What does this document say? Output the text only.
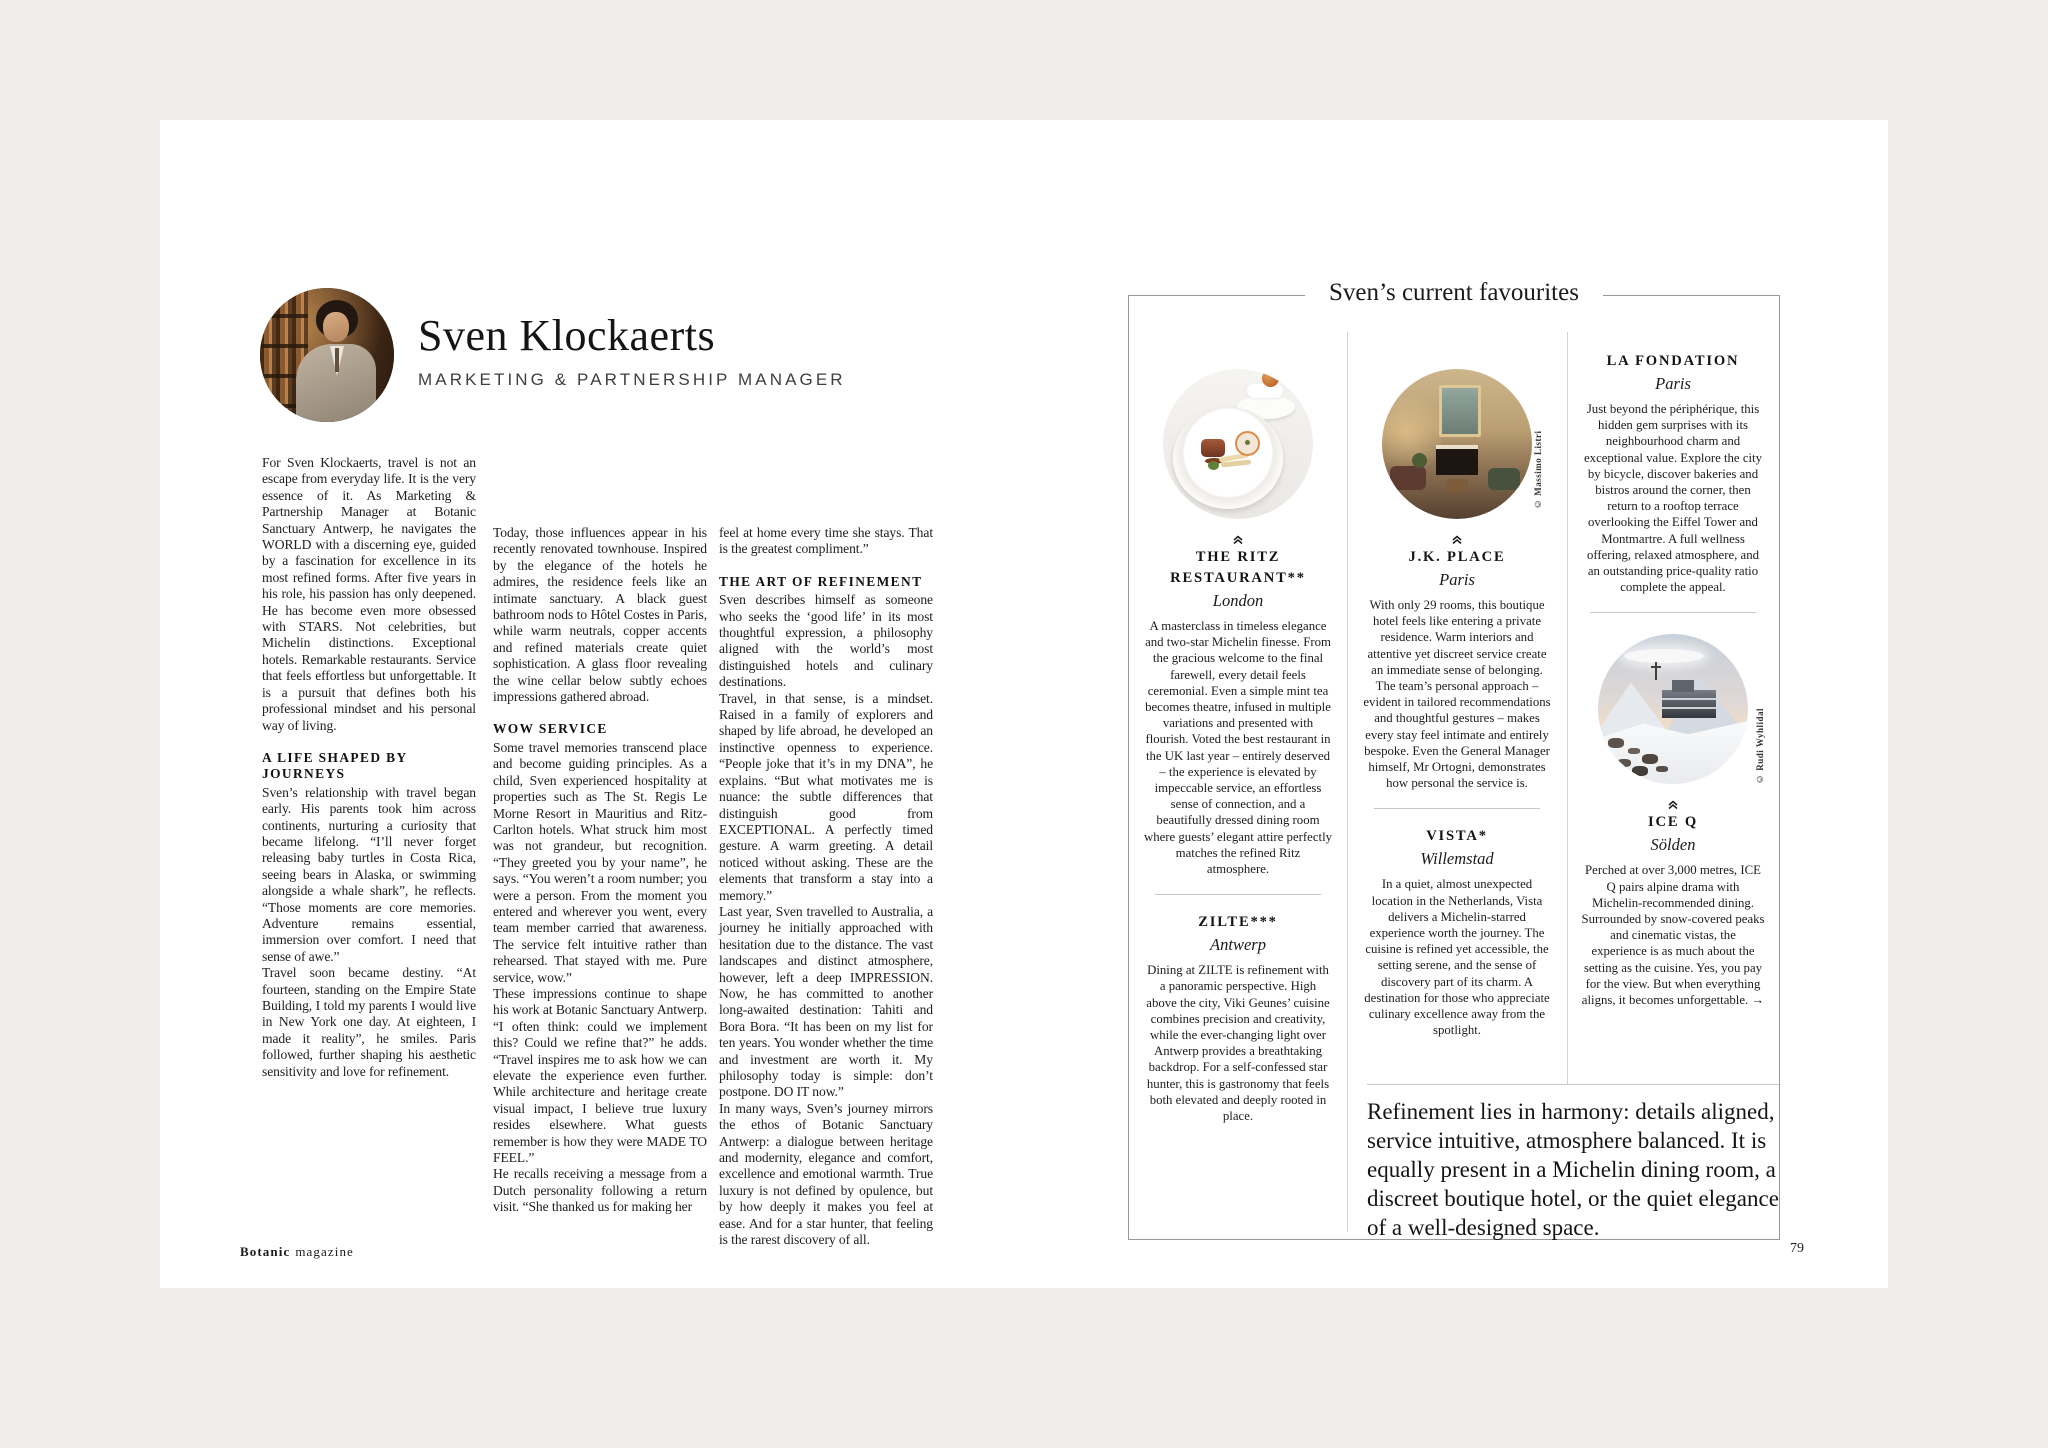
Sven Klockaerts
MARKETING & PARTNERSHIP MANAGER

For Sven Klockaerts, travel is not an escape from everyday life. It is the very essence of it. As Marketing & Partnership Manager at Botanic Sanctuary Antwerp, he navigates the WORLD with a discerning eye, guided by a fascination for excellence in its most refined forms. After five years in his role, his passion has only deepened. He has become even more obsessed with STARS. Not celebrities, but Michelin distinctions. Exceptional hotels. Remarkable restaurants. Service that feels effortless but unforgettable. It is a pursuit that defines both his professional mindset and his personal way of living.

A LIFE SHAPED BY JOURNEYS

Sven’s relationship with travel began early. His parents took him across continents, nurturing a curiosity that became lifelong. “I’ll never forget releasing baby turtles in Costa Rica, seeing bears in Alaska, or swimming alongside a whale shark”, he reflects. “Those moments are core memories. Adventure remains essential, immersion over comfort. I need that sense of awe.”

Travel soon became destiny. “At fourteen, standing on the Empire State Building, I told my parents I would live in New York one day. At eighteen, I made it reality”, he smiles. Paris followed, further shaping his aesthetic sensitivity and love for refinement.

Today, those influences appear in his recently renovated townhouse. Inspired by the elegance of the hotels he admires, the residence feels like an intimate sanctuary. A black guest bathroom nods to Hôtel Costes in Paris, while warm neutrals, copper accents and refined materials create quiet sophistication. A glass floor revealing the wine cellar below subtly echoes impressions gathered abroad.

WOW SERVICE

Some travel memories transcend place and become guiding principles. As a child, Sven experienced hospitality at properties such as The St. Regis Le Morne Resort in Mauritius and Ritz-Carlton hotels. What struck him most was not grandeur, but recognition. “They greeted you by your name”, he says. “You weren’t a room number; you were a person. From the moment you entered and wherever you went, every team member carried that awareness. The service felt intuitive rather than rehearsed. That stayed with me. Pure service, wow.”

These impressions continue to shape his work at Botanic Sanctuary Antwerp. “I often think: could we implement this? Could we refine that?” he adds. “Travel inspires me to ask how we can elevate the experience even further. While architecture and heritage create visual impact, I believe true luxury resides elsewhere. What guests remember is how they were MADE TO FEEL.”

He recalls receiving a message from a Dutch personality following a return visit. “She thanked us for making her

feel at home every time she stays. That is the greatest compliment.”

THE ART OF REFINEMENT

Sven describes himself as someone who seeks the ‘good life’ in its most thoughtful expression, a philosophy aligned with the world’s most distinguished hotels and culinary destinations.

Travel, in that sense, is a mindset. Raised in a family of explorers and shaped by life abroad, he developed an instinctive openness to experience. “People joke that it’s in my DNA”, he explains. “But what motivates me is nuance: the subtle differences that distinguish good from EXCEPTIONAL. A perfectly timed gesture. A warm greeting. A detail noticed without asking. These are the elements that transform a stay into a memory.”

Last year, Sven travelled to Australia, a journey he initially approached with hesitation due to the distance. The vast landscapes and distinct atmosphere, however, left a deep IMPRESSION. Now, he has committed to another long-awaited destination: Tahiti and Bora Bora. “It has been on my list for ten years. You wonder whether the time and investment are worth it. My philosophy today is simple: don’t postpone. DO IT now.”

In many ways, Sven’s journey mirrors the ethos of Botanic Sanctuary Antwerp: a dialogue between heritage and modernity, elegance and comfort, excellence and emotional warmth. True luxury is not defined by opulence, but by how deeply it makes you feel at ease. And for a star hunter, that feeling is the rarest discovery of all.

Sven’s current favourites
THE RITZ RESTAURANT**
London

A masterclass in timeless elegance and two-star Michelin finesse. From the gracious welcome to the final farewell, every detail feels ceremonial. Even a simple mint tea becomes theatre, infused in multiple variations and presented with flourish. Voted the best restaurant in the UK last year – entirely deserved – the experience is elevated by impeccable service, an effortless sense of connection, and a beautifully dressed dining room where guests’ elegant attire perfectly matches the refined Ritz atmosphere.

ZILTE***
Antwerp

Dining at ZILTE is refinement with a panoramic perspective. High above the city, Viki Geunes’ cuisine combines precision and creativity, while the ever-changing light over Antwerp provides a breathtaking backdrop. For a self-confessed star hunter, this is gastronomy that feels both elevated and deeply rooted in place.

J.K. PLACE
Paris

With only 29 rooms, this boutique hotel feels like entering a private residence. Warm interiors and attentive yet discreet service create an immediate sense of belonging. The team’s personal approach – evident in tailored recommendations and thoughtful gestures – makes every stay feel intimate and entirely bespoke. Even the General Manager himself, Mr Ortogni, demonstrates how personal the service is.

VISTA*
Willemstad

In a quiet, almost unexpected location in the Netherlands, Vista delivers a Michelin-starred experience worth the journey. The cuisine is refined yet accessible, the setting serene, and the sense of discovery part of its charm. A destination for those who appreciate culinary excellence away from the spotlight.

LA FONDATION
Paris

Just beyond the périphérique, this hidden gem surprises with its neighbourhood charm and exceptional value. Explore the city by bicycle, discover bakeries and bistros around the corner, then return to a rooftop terrace overlooking the Eiffel Tower and Montmartre. A full wellness offering, relaxed atmosphere, and an outstanding price-quality ratio complete the appeal.

ICE Q
Sölden

Perched at over 3,000 metres, ICE Q pairs alpine drama with Michelin-recommended dining. Surrounded by snow-covered peaks and cinematic vistas, the experience is as much about the setting as the cuisine. Yes, you pay for the view. But when everything aligns, it becomes unforgettable. →

© Massimo Listri
© Rudi Wyhlidal
Refinement lies in harmony: details aligned, service intuitive, atmosphere balanced. It is equally present in a Michelin dining room, a discreet boutique hotel, or the quiet elegance of a well-designed space.
Botanic magazine	79
